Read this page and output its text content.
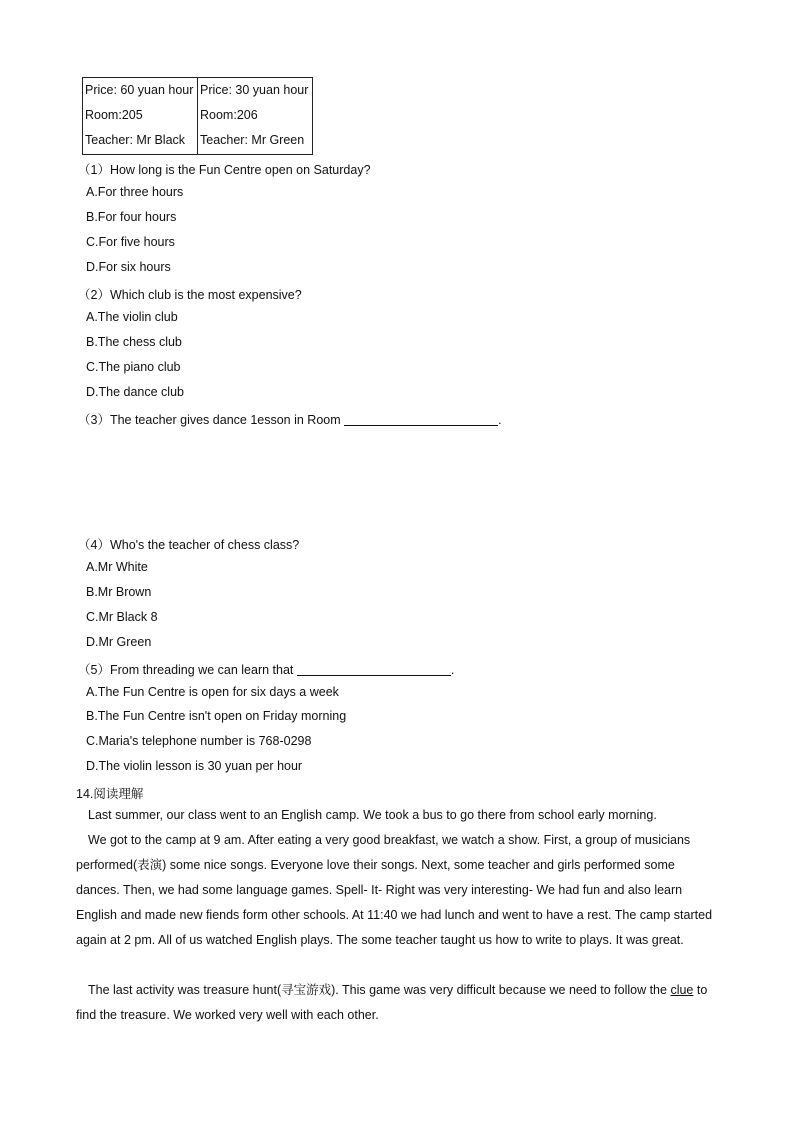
Price: 60 yuan hour
Room:205
Teacher: Mr Black

Price: 30 yuan hour
Room:206
Teacher: Mr Green
（1）How long is the Fun Centre open on Saturday?
A.For three hours
B.For four hours
C.For five hours
D.For six hours
（2）Which club is the most expensive?
A.The violin club
B.The chess club
C.The piano club
D.The dance club
（3）The teacher gives dance 1esson in Room	.
（4）Who's the teacher of chess class?
A.Mr White
B.Mr Brown
C.Mr Black 8
D.Mr Green
（5）From threading we can learn that	.
A.The Fun Centre is open for six days a week
B.The Fun Centre isn't open on Friday morning
C.Maria's telephone number is 768-0298
D.The violin lesson is 30 yuan per hour
14.阅读理解
Last summer, our class went to an English camp. We took a bus to go there from school early morning.
We got to the camp at 9 am. After eating a very good breakfast, we watch a show. First, a group of musicians performed(表演) some nice songs. Everyone love their songs. Next, some teacher and girls performed some dances. Then, we had some language games. Spell- It- Right was very interesting- We had fun and also learn English and made new fiends form other schools. At 11:40 we had lunch and went to have a rest. The camp started again at 2 pm. All of us watched English plays. The some teacher taught us how to write to plays. It was great.
The last activity was treasure hunt(寻宝游戏). This game was very difficult because we need to follow the clue to find the treasure. We worked very well with each other.
